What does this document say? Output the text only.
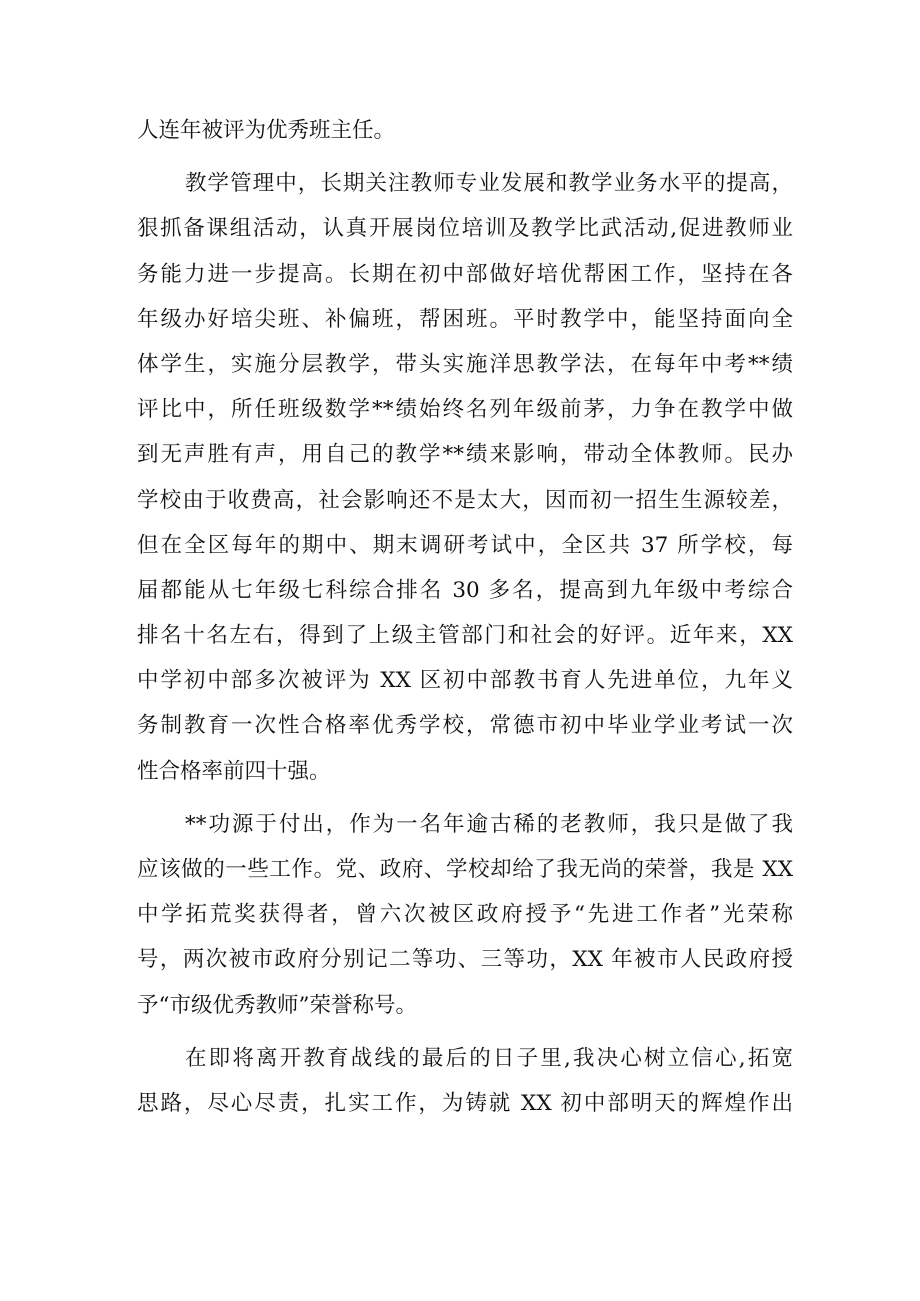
人连年被评为优秀班主任。

教学管理中，长期关注教师专业发展和教学业务水平的提高，
狠抓备课组活动，认真开展岗位培训及教学比武活动,促进教师业
务能力进一步提高。长期在初中部做好培优帮困工作，坚持在各
年级办好培尖班、补偏班，帮困班。平时教学中，能坚持面向全
体学生，实施分层教学，带头实施洋思教学法，在每年中考**绩
评比中，所任班级数学**绩始终名列年级前茅，力争在教学中做
到无声胜有声，用自己的教学**绩来影响，带动全体教师。民办
学校由于收费高，社会影响还不是太大，因而初一招生生源较差，
但在全区每年的期中、期末调研考试中，全区共 37 所学校，每
届都能从七年级七科综合排名 30 多名，提高到九年级中考综合
排名十名左右，得到了上级主管部门和社会的好评。近年来，XX
中学初中部多次被评为 XX 区初中部教书育人先进单位，九年义
务制教育一次性合格率优秀学校，常德市初中毕业学业考试一次
性合格率前四十强。

**功源于付出，作为一名年逾古稀的老教师，我只是做了我
应该做的一些工作。党、政府、学校却给了我无尚的荣誉，我是 XX
中学拓荒奖获得者，曾六次被区政府授予“先进工作者”光荣称
号，两次被市政府分别记二等功、三等功，XX 年被市人民政府授
予“市级优秀教师”荣誉称号。

在即将离开教育战线的最后的日子里,我决心树立信心,拓宽
思路，尽心尽责，扎实工作，为铸就 XX 初中部明天的辉煌作出
